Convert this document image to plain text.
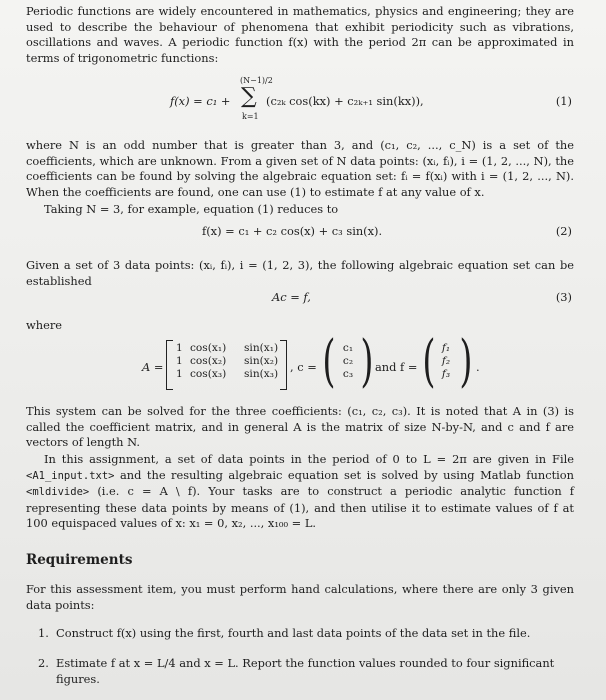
Periodic functions are widely encountered in mathematics, physics and engineering; they are used to describe the behaviour of phenomena that exhibit periodicity such as vibrations, oscillations and waves. A periodic function f(x) with the period 2π can be approximated in terms of trigonometric functions:
f(x) = c₁ +
(N−1)/2
∑
k=1
(c₂ₖ cos(kx) + c₂ₖ₊₁ sin(kx)),	(1)
where N is an odd number that is greater than 3, and (c₁, c₂, ..., c_N) is a set of the coefficients, which are unknown. From a given set of N data points: (xᵢ, fᵢ), i = (1, 2, ..., N), the coefficients can be found by solving the algebraic equation set: fᵢ = f(xᵢ) with i = (1, 2, ..., N). When the coefficients are found, one can use (1) to estimate f at any value of x.
Taking N = 3, for example, equation (1) reduces to
f(x) = c₁ + c₂ cos(x) + c₃ sin(x).	(2)
Given a set of 3 data points: (xᵢ, fᵢ), i = (1, 2, 3), the following algebraic equation set can be established
Ac = f,	(3)
where
A =
1 cos(x₁) sin(x₁)
1 cos(x₂) sin(x₂)
1 cos(x₃) sin(x₃) , c = ( c₁
c₂
c₃ ) and f = ( f₁
f₂
f₃ ) .
This system can be solved for the three coefficients: (c₁, c₂, c₃). It is noted that A in (3) is called the coefficient matrix, and in general A is the matrix of size N-by-N, and c and f are vectors of length N.
In this assignment, a set of data points in the period of 0 to L = 2π are given in File <A1_input.txt> and the resulting algebraic equation set is solved by using Matlab function <mldivide> (i.e. c = A \ f). Your tasks are to construct a periodic analytic function f representing these data points by means of (1), and then utilise it to estimate values of f at 100 equispaced values of x: x₁ = 0, x₂, ..., x₁₀₀ = L.
Requirements
For this assessment item, you must perform hand calculations, where there are only 3 given data points:
1. Construct f(x) using the first, fourth and last data points of the data set in the file.
2. Estimate f at x = L/4 and x = L. Report the function values rounded to four significant figures.
